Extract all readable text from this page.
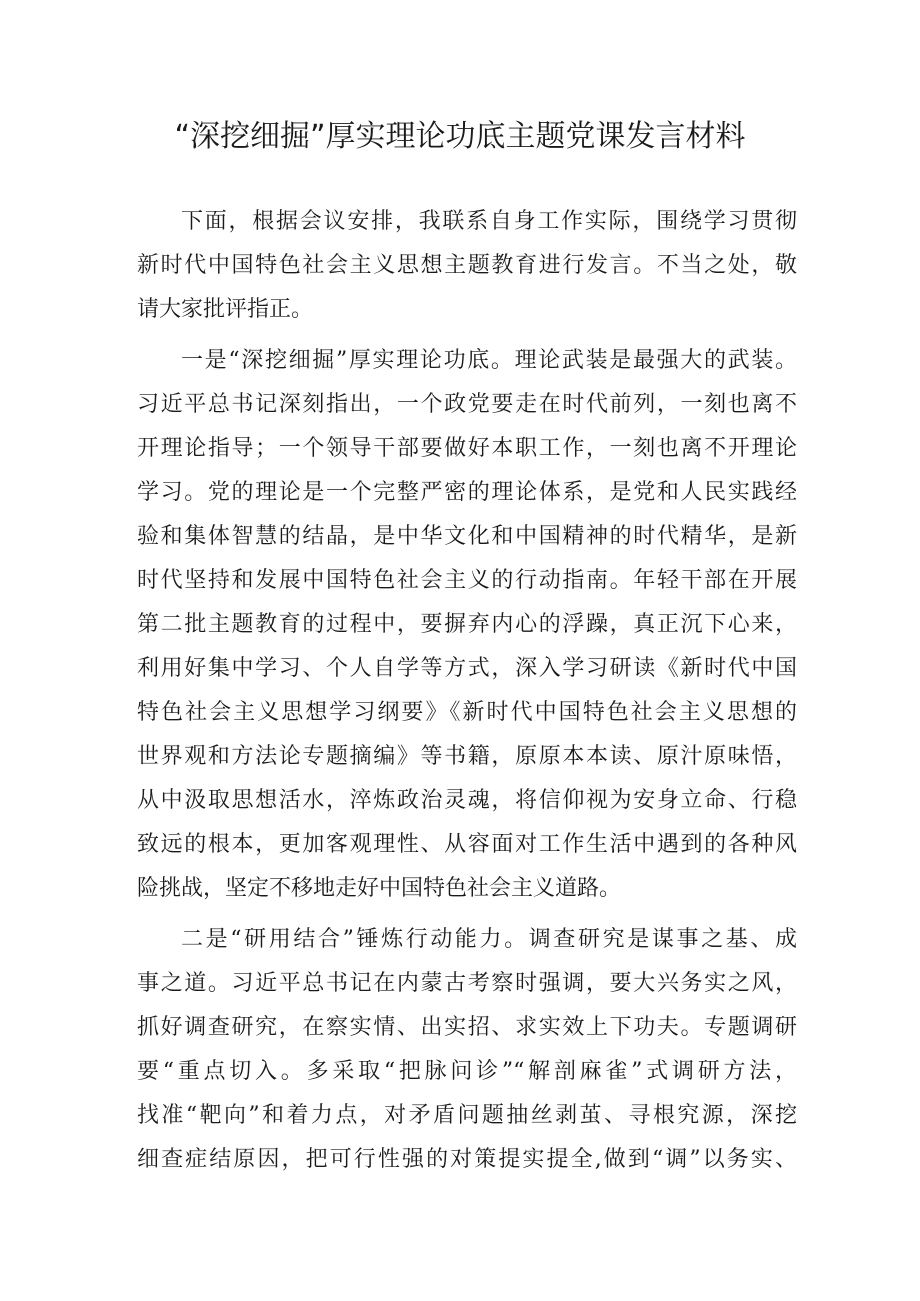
“深挖细掘”厚实理论功底主题党课发言材料
下面，根据会议安排，我联系自身工作实际，围绕学习贯彻
新时代中国特色社会主义思想主题教育进行发言。不当之处，敬
请大家批评指正。
一是“深挖细掘”厚实理论功底。理论武装是最强大的武装。
习近平总书记深刻指出，一个政党要走在时代前列，一刻也离不
开理论指导；一个领导干部要做好本职工作，一刻也离不开理论
学习。党的理论是一个完整严密的理论体系，是党和人民实践经
验和集体智慧的结晶，是中华文化和中国精神的时代精华，是新
时代坚持和发展中国特色社会主义的行动指南。年轻干部在开展
第二批主题教育的过程中，要摒弃内心的浮躁，真正沉下心来，
利用好集中学习、个人自学等方式，深入学习研读《新时代中国
特色社会主义思想学习纲要》《新时代中国特色社会主义思想的
世界观和方法论专题摘编》等书籍，原原本本读、原汁原味悟，
从中汲取思想活水，淬炼政治灵魂，将信仰视为安身立命、行稳
致远的根本，更加客观理性、从容面对工作生活中遇到的各种风
险挑战，坚定不移地走好中国特色社会主义道路。
二是“研用结合”锤炼行动能力。调查研究是谋事之基、成
事之道。习近平总书记在内蒙古考察时强调，要大兴务实之风，
抓好调查研究，在察实情、出实招、求实效上下功夫。专题调研
要“重点切入。多采取“把脉问诊”“解剖麻雀”式调研方法，
找准“靶向”和着力点，对矛盾问题抽丝剥茧、寻根究源，深挖
细查症结原因，把可行性强的对策提实提全,做到“调”以务实、
